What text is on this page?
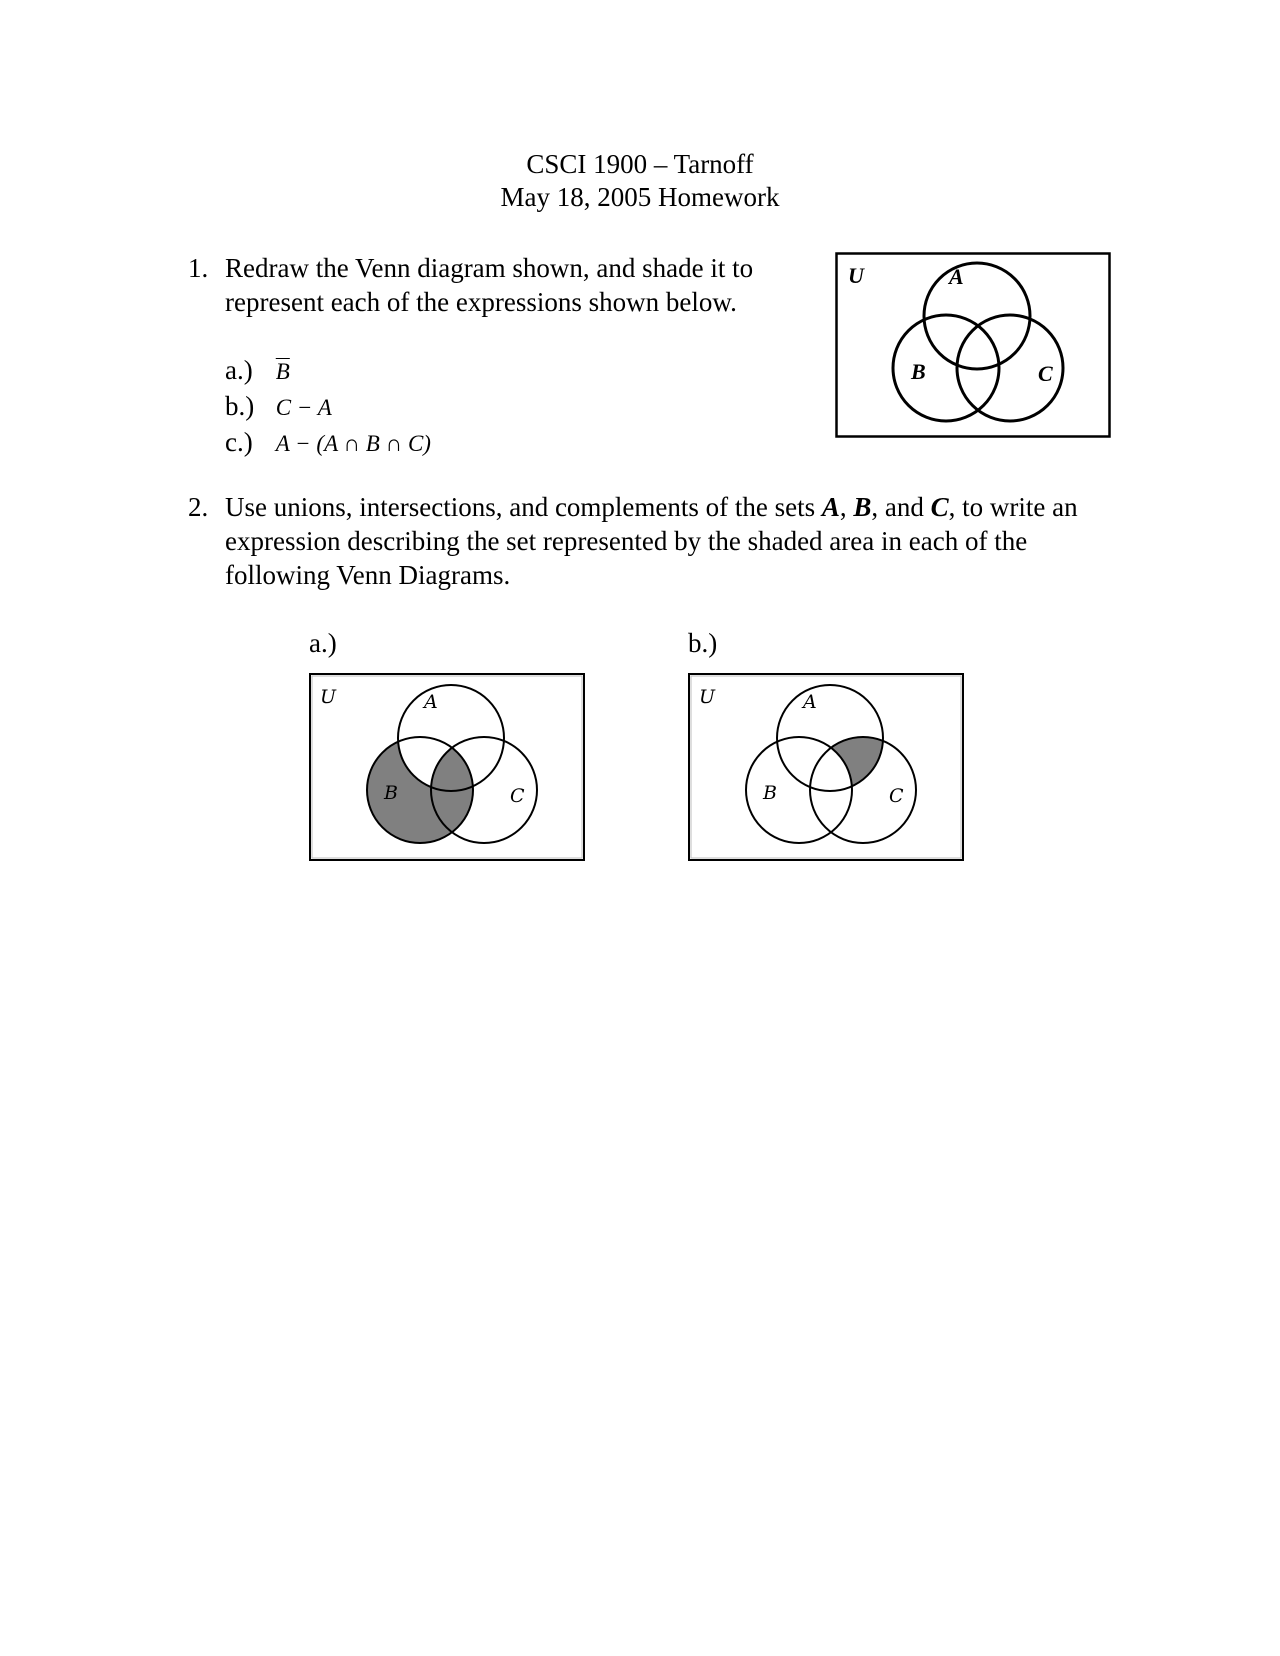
CSCI 1900 – Tarnoff
May 18, 2005 Homework
1. Redraw the Venn diagram shown, and shade it to represent each of the expressions shown below.
a.) $\overline{B}$
b.) C − A
c.) A − (A ∩ B ∩ C)
U	A
B	C
2. Use unions, intersections, and complements of the sets A, B, and C, to write an expression describing the set represented by the shaded area in each of the following Venn Diagrams.
a.)	b.)
U	A
B	C
U	A
B	C
